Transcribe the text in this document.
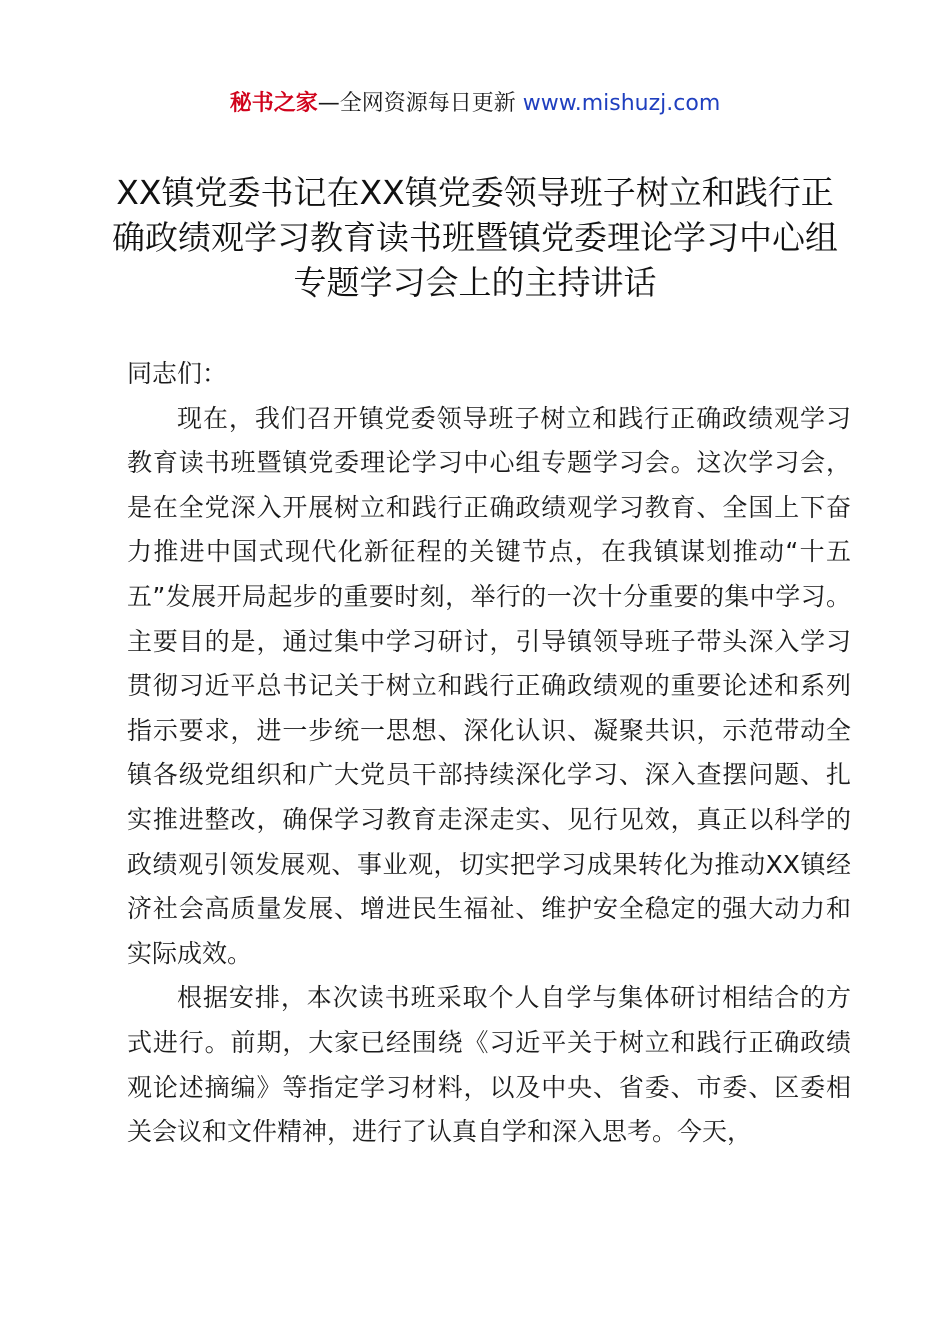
秘书之家—全网资源每日更新 www.mishuzj.com
XX镇党委书记在XX镇党委领导班子树立和践行正确政绩观学习教育读书班暨镇党委理论学习中心组专题学习会上的主持讲话

同志们：

现在，我们召开镇党委领导班子树立和践行正确政绩观学习教育读书班暨镇党委理论学习中心组专题学习会。这次学习会，是在全党深入开展树立和践行正确政绩观学习教育、全国上下奋力推进中国式现代化新征程的关键节点，在我镇谋划推动“十五五”发展开局起步的重要时刻，举行的一次十分重要的集中学习。主要目的是，通过集中学习研讨，引导镇领导班子带头深入学习贯彻习近平总书记关于树立和践行正确政绩观的重要论述和系列指示要求，进一步统一思想、深化认识、凝聚共识，示范带动全镇各级党组织和广大党员干部持续深化学习、深入查摆问题、扎实推进整改，确保学习教育走深走实、见行见效，真正以科学的政绩观引领发展观、事业观，切实把学习成果转化为推动XX镇经济社会高质量发展、增进民生福祉、维护安全稳定的强大动力和实际成效。

根据安排，本次读书班采取个人自学与集体研讨相结合的方式进行。前期，大家已经围绕《习近平关于树立和践行正确政绩观论述摘编》等指定学习材料，以及中央、省委、市委、区委相关会议和文件精神，进行了认真自学和深入思考。今天，
